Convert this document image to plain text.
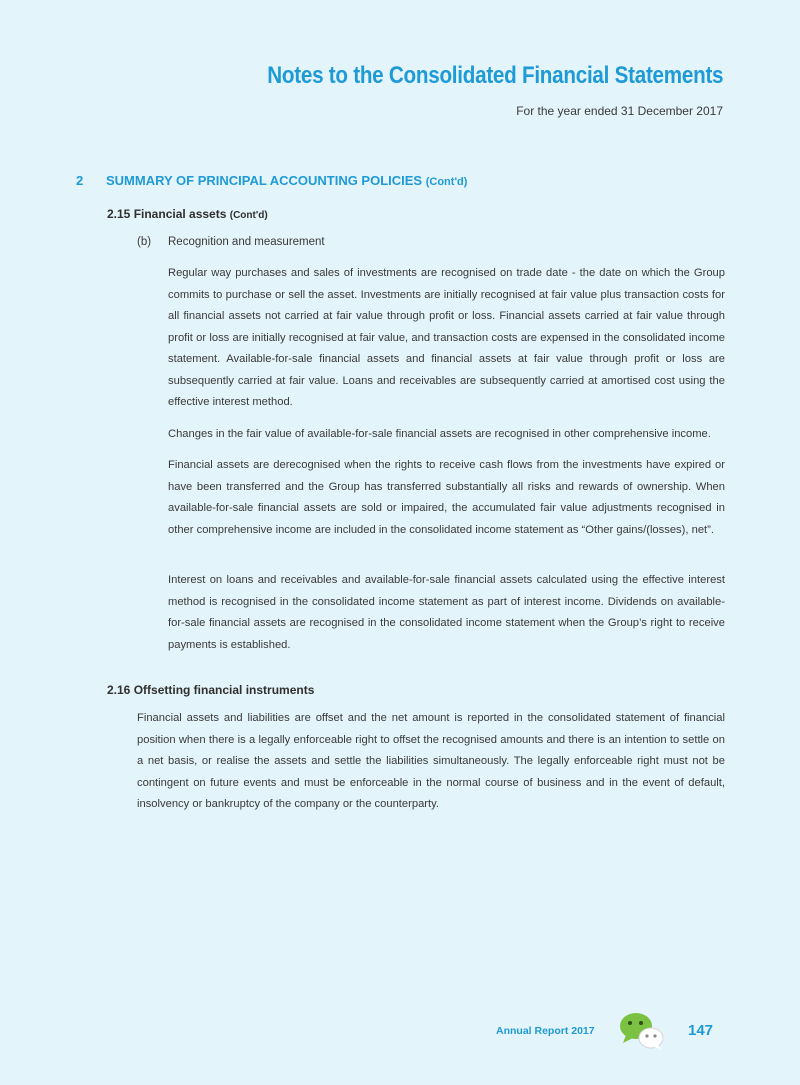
Notes to the Consolidated Financial Statements
For the year ended 31 December 2017
2 SUMMARY OF PRINCIPAL ACCOUNTING POLICIES (Cont'd)
2.15 Financial assets (Cont'd)
(b) Recognition and measurement

Regular way purchases and sales of investments are recognised on trade date - the date on which the Group commits to purchase or sell the asset. Investments are initially recognised at fair value plus transaction costs for all financial assets not carried at fair value through profit or loss. Financial assets carried at fair value through profit or loss are initially recognised at fair value, and transaction costs are expensed in the consolidated income statement. Available-for-sale financial assets and financial assets at fair value through profit or loss are subsequently carried at fair value. Loans and receivables are subsequently carried at amortised cost using the effective interest method.

Changes in the fair value of available-for-sale financial assets are recognised in other comprehensive income.

Financial assets are derecognised when the rights to receive cash flows from the investments have expired or have been transferred and the Group has transferred substantially all risks and rewards of ownership. When available-for-sale financial assets are sold or impaired, the accumulated fair value adjustments recognised in other comprehensive income are included in the consolidated income statement as “Other gains/(losses), net”.

Interest on loans and receivables and available-for-sale financial assets calculated using the effective interest method is recognised in the consolidated income statement as part of interest income. Dividends on available-for-sale financial assets are recognised in the consolidated income statement when the Group’s right to receive payments is established.

2.16 Offsetting financial instruments

Financial assets and liabilities are offset and the net amount is reported in the consolidated statement of financial position when there is a legally enforceable right to offset the recognised amounts and there is an intention to settle on a net basis, or realise the assets and settle the liabilities simultaneously. The legally enforceable right must not be contingent on future events and must be enforceable in the normal course of business and in the event of default, insolvency or bankruptcy of the company or the counterparty.

Annual Report 2017	147
